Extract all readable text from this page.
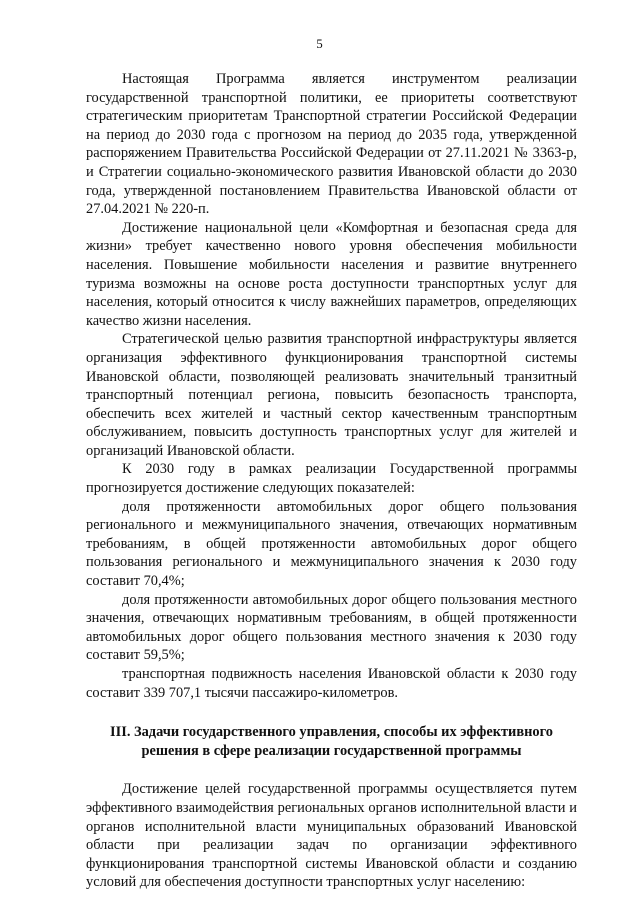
5

Настоящая Программа является инструментом реализации государственной транспортной политики, ее приоритеты соответствуют стратегическим приоритетам Транспортной стратегии Российской Федерации на период до 2030 года с прогнозом на период до 2035 года, утвержденной распоряжением Правительства Российской Федерации от 27.11.2021 № 3363-р, и Стратегии социально-экономического развития Ивановской области до 2030 года, утвержденной постановлением Правительства Ивановской области от 27.04.2021 № 220-п.

Достижение национальной цели «Комфортная и безопасная среда для жизни» требует качественно нового уровня обеспечения мобильности населения. Повышение мобильности населения и развитие внутреннего туризма возможны на основе роста доступности транспортных услуг для населения, который относится к числу важнейших параметров, определяющих качество жизни населения.

Стратегической целью развития транспортной инфраструктуры является организация эффективного функционирования транспортной системы Ивановской области, позволяющей реализовать значительный транзитный транспортный потенциал региона, повысить безопасность транспорта, обеспечить всех жителей и частный сектор качественным транспортным обслуживанием, повысить доступность транспортных услуг для жителей и организаций Ивановской области.

К 2030 году в рамках реализации Государственной программы прогнозируется достижение следующих показателей:

доля протяженности автомобильных дорог общего пользования регионального и межмуниципального значения, отвечающих нормативным требованиям, в общей протяженности автомобильных дорог общего пользования регионального и межмуниципального значения к 2030 году составит 70,4%;

доля протяженности автомобильных дорог общего пользования местного значения, отвечающих нормативным требованиям, в общей протяженности автомобильных дорог общего пользования местного значения к 2030 году составит 59,5%;

транспортная подвижность населения Ивановской области к 2030 году составит 339 707,1 тысячи пассажиро-километров.

III. Задачи государственного управления, способы их эффективного решения в сфере реализации государственной программы

Достижение целей государственной программы осуществляется путем эффективного взаимодействия региональных органов исполнительной власти и органов исполнительной власти муниципальных образований Ивановской области при реализации задач по организации эффективного функционирования транспортной системы Ивановской области и созданию условий для обеспечения доступности транспортных услуг населению:
